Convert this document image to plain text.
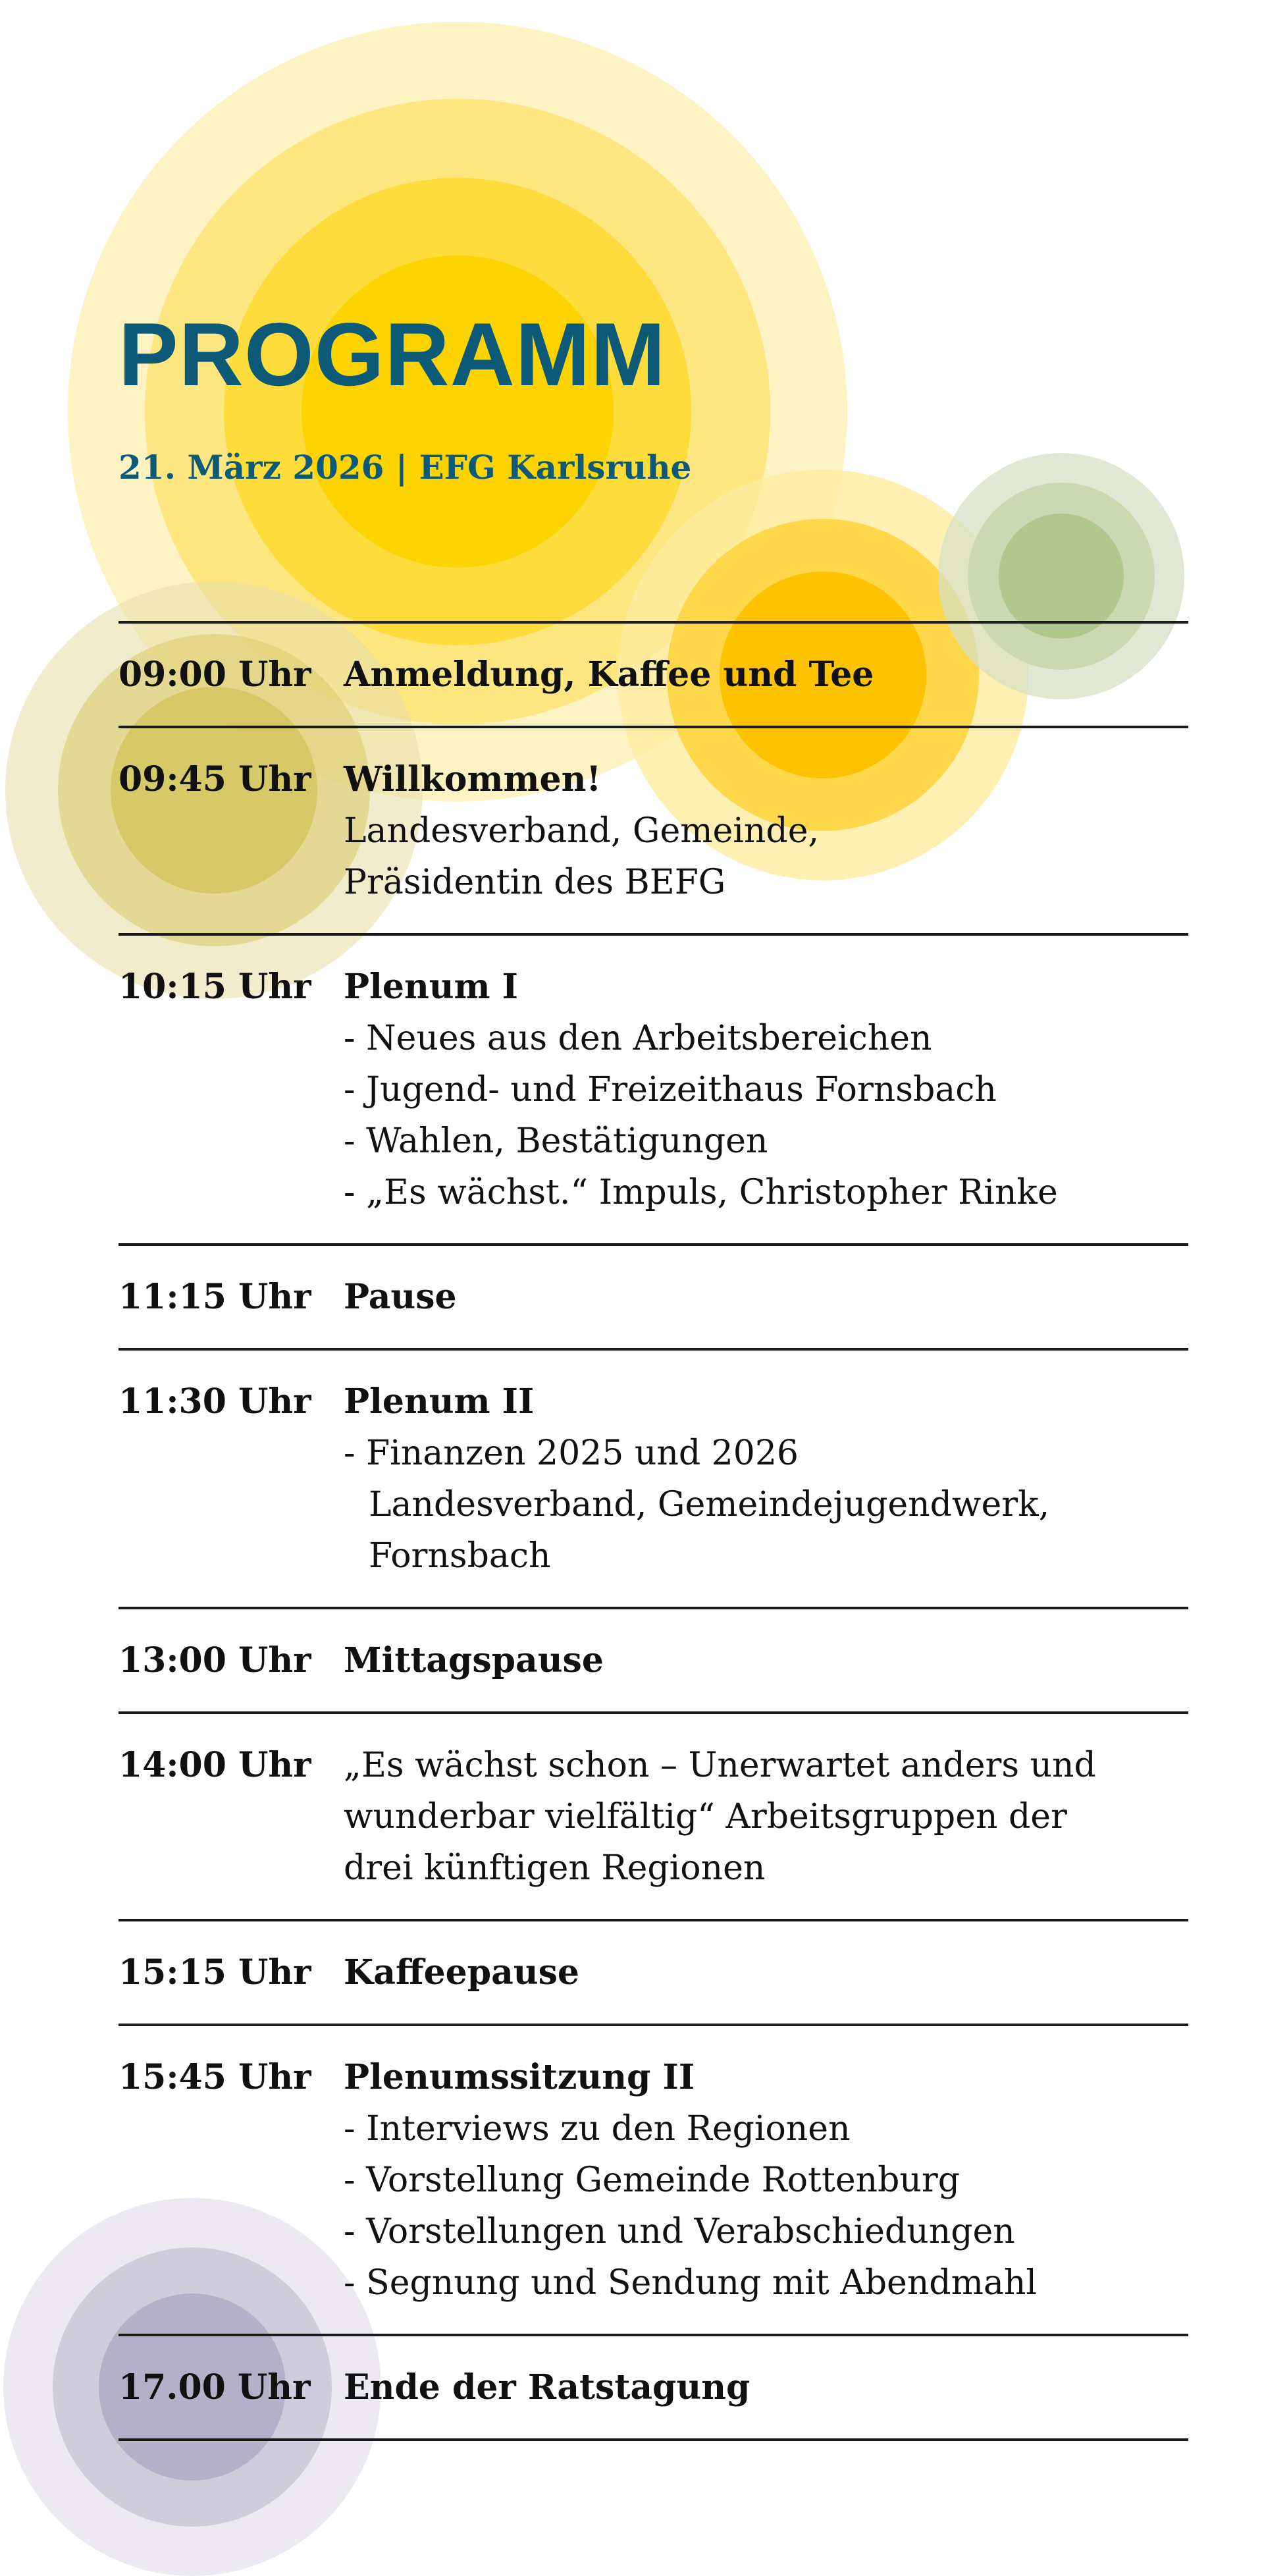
PROGRAMM
21. März 2026 | EFG Karlsruhe
09:00 Uhr Anmeldung, Kaffee und Tee
09:45 Uhr Willkommen!
Landesverband, Gemeinde,
Präsidentin des BEFG
10:15 Uhr Plenum I
- Neues aus den Arbeitsbereichen
- Jugend- und Freizeithaus Fornsbach
- Wahlen, Bestätigungen
- „Es wächst.“ Impuls, Christopher Rinke
11:15 Uhr Pause
11:30 Uhr Plenum II
- Finanzen 2025 und 2026
Landesverband, Gemeindejugendwerk,
Fornsbach
13:00 Uhr Mittagspause
14:00 Uhr „Es wächst schon – Unerwartet anders und
wunderbar vielfältig“ Arbeitsgruppen der
drei künftigen Regionen
15:15 Uhr Kaffeepause
15:45 Uhr Plenumssitzung II
- Interviews zu den Regionen
- Vorstellung Gemeinde Rottenburg
- Vorstellungen und Verabschiedungen
- Segnung und Sendung mit Abendmahl
17.00 Uhr Ende der Ratstagung
